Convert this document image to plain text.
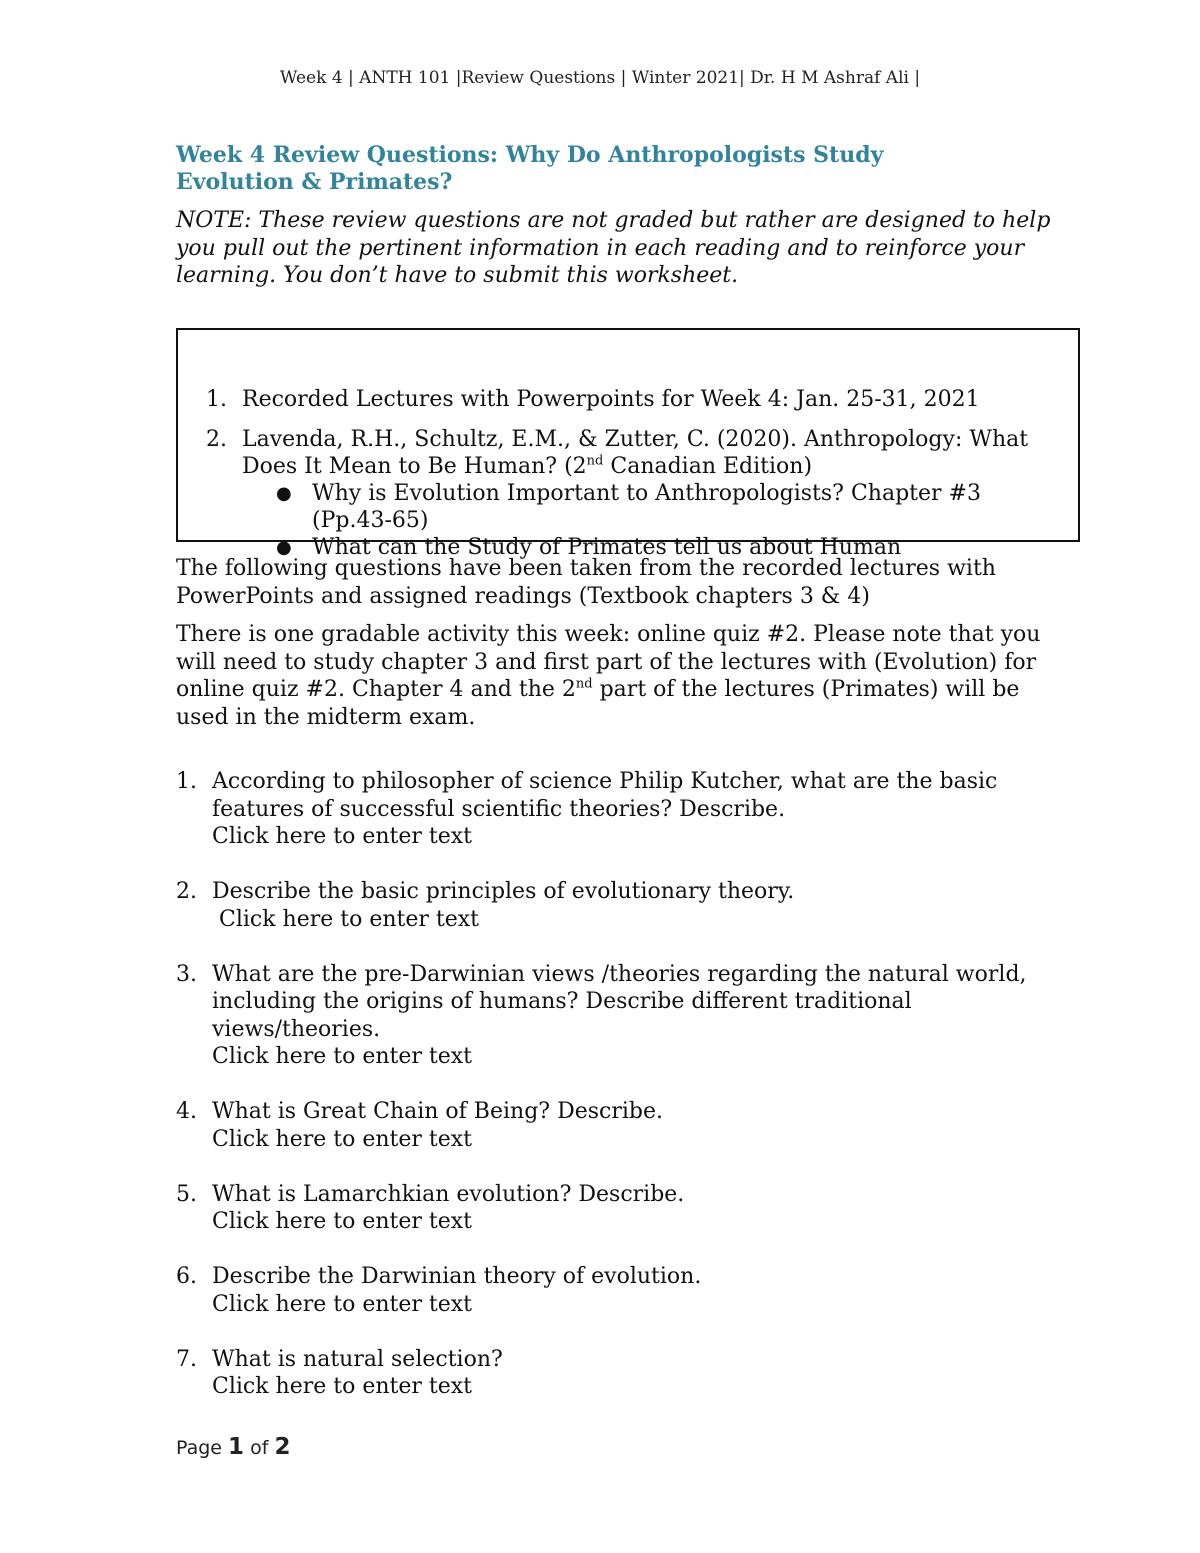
Week 4 | ANTH 101 |Review Questions | Winter 2021| Dr. H M Ashraf Ali |
Week 4 Review Questions: Why Do Anthropologists Study
Evolution & Primates?
NOTE: These review questions are not graded but rather are designed to help you pull out the pertinent information in each reading and to reinforce your learning. You don’t have to submit this worksheet.
1. Recorded Lectures with Powerpoints for Week 4: Jan. 25-31, 2021
2. Lavenda, R.H., Schultz, E.M., & Zutter, C. (2020). Anthropology: What Does It Mean to Be Human? (2nd Canadian Edition)
● Why is Evolution Important to Anthropologists? Chapter #3 (Pp.43-65)
● What can the Study of Primates tell us about Human
The following questions have been taken from the recorded lectures with PowerPoints and assigned readings (Textbook chapters 3 & 4)
There is one gradable activity this week: online quiz #2. Please note that you will need to study chapter 3 and first part of the lectures with (Evolution) for online quiz #2. Chapter 4 and the 2nd part of the lectures (Primates) will be used in the midterm exam.
1. According to philosopher of science Philip Kutcher, what are the basic features of successful scientific theories? Describe.
Click here to enter text
2. Describe the basic principles of evolutionary theory.
Click here to enter text
3. What are the pre-Darwinian views /theories regarding the natural world, including the origins of humans? Describe different traditional views/theories.
Click here to enter text
4. What is Great Chain of Being? Describe.
Click here to enter text
5. What is Lamarchkian evolution? Describe.
Click here to enter text
6. Describe the Darwinian theory of evolution.
Click here to enter text
7. What is natural selection?
Click here to enter text
Page 1 of 2
